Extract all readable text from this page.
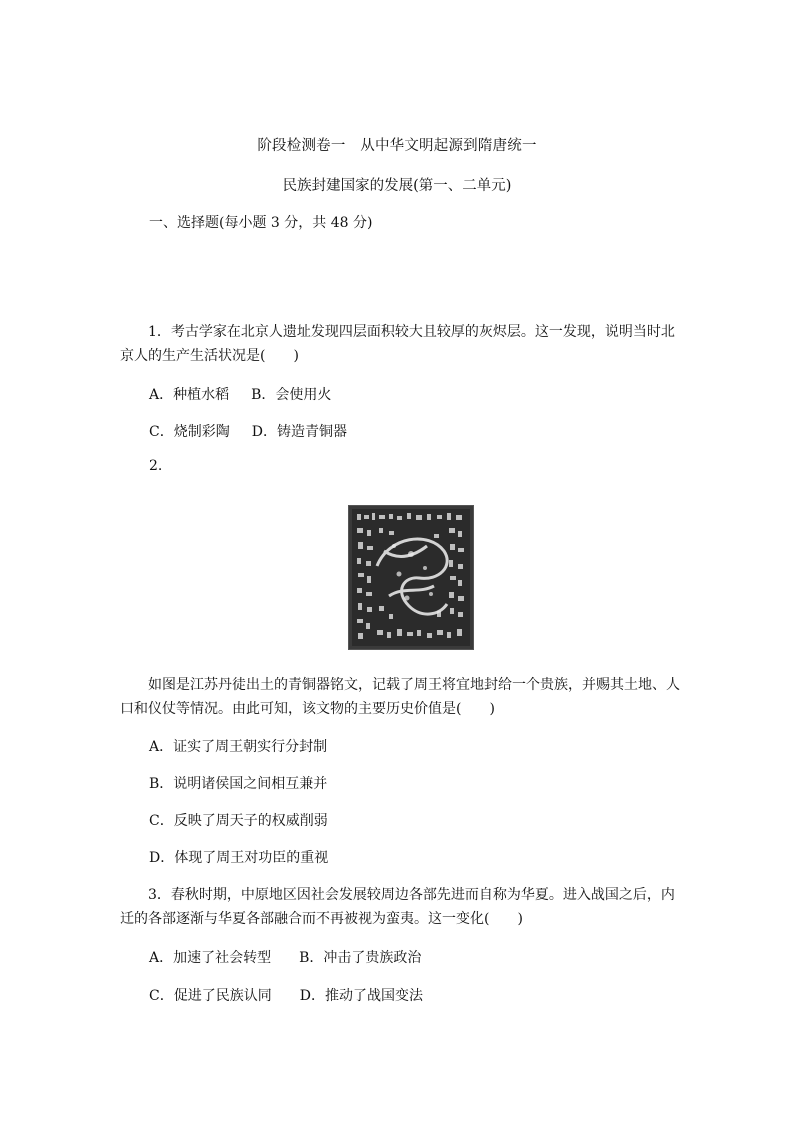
阶段检测卷一　从中华文明起源到隋唐统一
民族封建国家的发展(第一、二单元)
一、选择题(每小题 3 分，共 48 分)
1．考古学家在北京人遗址发现四层面积较大且较厚的灰烬层。这一发现，说明当时北京人的生产生活状况是(　　)
A．种植水稻 B．会使用火
C．烧制彩陶 D．铸造青铜器
2.
如图是江苏丹徒出土的青铜器铭文，记载了周王将宜地封给一个贵族，并赐其土地、人口和仪仗等情况。由此可知，该文物的主要历史价值是(　　)
A．证实了周王朝实行分封制
B．说明诸侯国之间相互兼并
C．反映了周天子的权威削弱
D．体现了周王对功臣的重视
3．春秋时期，中原地区因社会发展较周边各部先进而自称为华夏。进入战国之后，内迁的各部逐渐与华夏各部融合而不再被视为蛮夷。这一变化(　　)
A．加速了社会转型 B．冲击了贵族政治
C．促进了民族认同 D．推动了战国变法
